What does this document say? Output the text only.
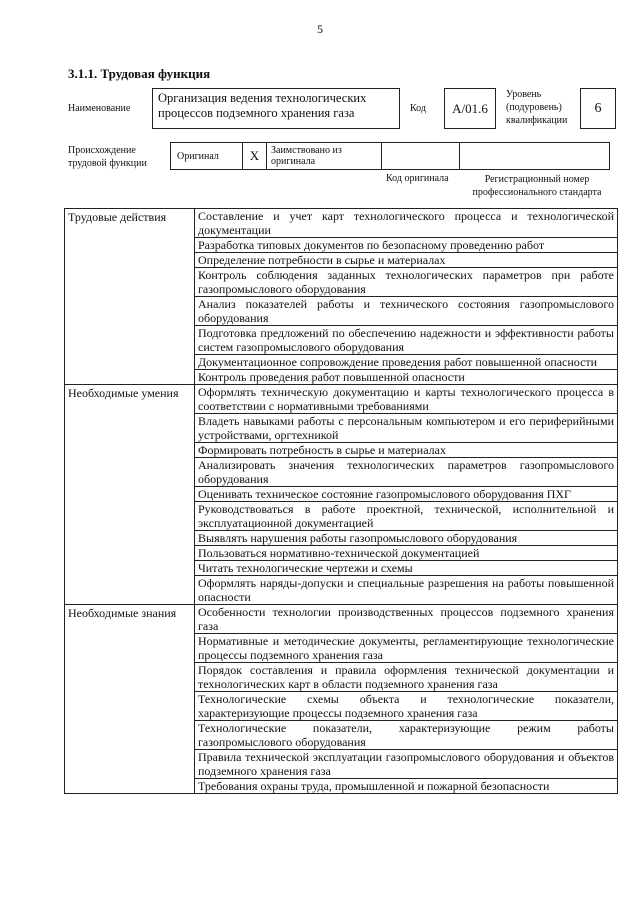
5
3.1.1. Трудовая функция
Наименование
Организация ведения технологических процессов подземного хранения газа	Код	A/01.6
Уровень
(подуровень)
квалификации
6
Происхождение
трудовой функции
Оригинал	X	Заимствовано из оригинала
Код оригинала	Регистрационный номер
профессионального стандарта
Трудовые действия	Составление и учет карт технологического процесса и технологической документации
	Разработка типовых документов по безопасному проведению работ
	Определение потребности в сырье и материалах
	Контроль соблюдения заданных технологических параметров при работе газопромыслового оборудования
	Анализ показателей работы и технического состояния газопромыслового оборудования
	Подготовка предложений по обеспечению надежности и эффективности работы систем газопромыслового оборудования
	Документационное сопровождение проведения работ повышенной опасности
	Контроль проведения работ повышенной опасности
Необходимые умения	Оформлять техническую документацию и карты технологического процесса в соответствии с нормативными требованиями
	Владеть навыками работы с персональным компьютером и его периферийными устройствами, оргтехникой
	Формировать потребность в сырье и материалах
	Анализировать значения технологических параметров газопромыслового оборудования
	Оценивать техническое состояние газопромыслового оборудования ПХГ
	Руководствоваться в работе проектной, технической, исполнительной и эксплуатационной документацией
	Выявлять нарушения работы газопромыслового оборудования
	Пользоваться нормативно-технической документацией
	Читать технологические чертежи и схемы
	Оформлять наряды-допуски и специальные разрешения на работы повышенной опасности
Необходимые знания	Особенности технологии производственных процессов подземного хранения газа
	Нормативные и методические документы, регламентирующие технологические процессы подземного хранения газа
	Порядок составления и правила оформления технической документации и технологических карт в области подземного хранения газа
	Технологические схемы объекта и технологические показатели, характеризующие процессы подземного хранения газа
	Технологические показатели, характеризующие режим работы газопромыслового оборудования
	Правила технической эксплуатации газопромыслового оборудования и объектов подземного хранения газа
	Требования охраны труда, промышленной и пожарной безопасности
